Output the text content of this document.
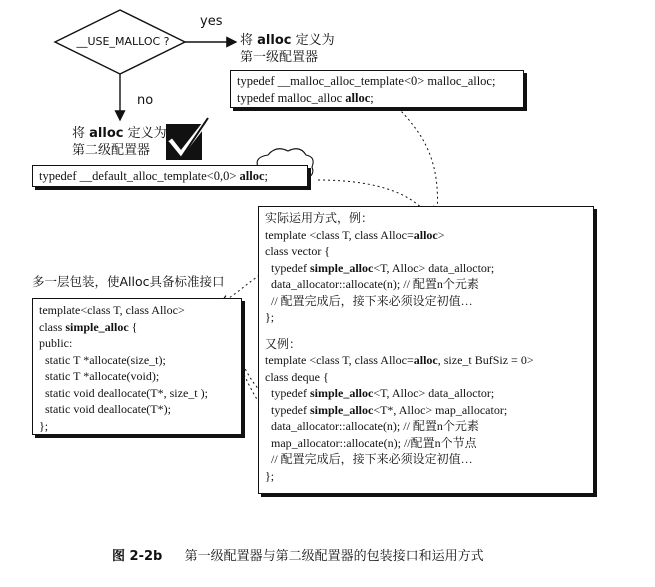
__USE_MALLOC ?
yes
no
将 alloc 定义为
第一级配置器
typedef __malloc_alloc_template<0> malloc_alloc;
typedef malloc_alloc alloc;
将 alloc 定义为
第二级配置器
typedef __default_alloc_template<0,0> alloc;
多一层包装，使Alloc具备标准接口
template<class T, class Alloc>
class simple_alloc {
public:
static T *allocate(size_t);
static T *allocate(void);
static void deallocate(T*, size_t );
static void deallocate(T*);
};
实际运用方式，例：
template <class T, class Alloc=alloc>
class vector {
typedef simple_alloc<T, Alloc> data_alloctor;
data_allocator::allocate(n); // 配置n个元素
// 配置完成后，接下来必须设定初值…
};
又例：
template <class T, class Alloc=alloc, size_t BufSiz = 0>
class deque {
typedef simple_alloc<T, Alloc> data_alloctor;
typedef simple_alloc<T*, Alloc> map_allocator;
data_allocator::allocate(n); // 配置n个元素
map_allocator::allocate(n); //配置n个节点
// 配置完成后，接下来必须设定初值…
};
图 2-2b 第一级配置器与第二级配置器的包装接口和运用方式
